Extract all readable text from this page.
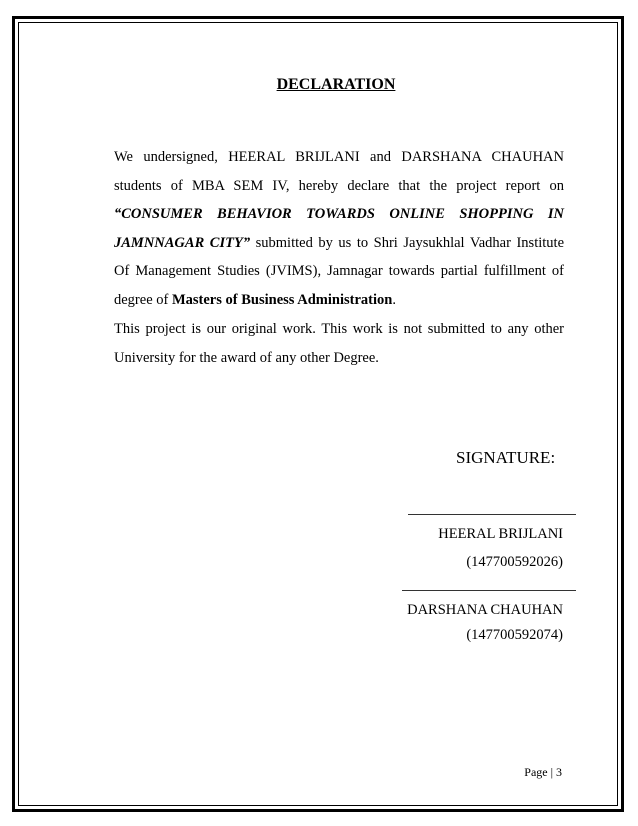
DECLARATION

We undersigned, HEERAL BRIJLANI and DARSHANA CHAUHAN students of MBA SEM IV, hereby declare that the project report on “CONSUMER BEHAVIOR TOWARDS ONLINE SHOPPING IN JAMNNAGAR CITY” submitted by us to Shri Jaysukhlal Vadhar Institute Of Management Studies (JVIMS), Jamnagar towards partial fulfillment of degree of Masters of Business Administration.

This project is our original work. This work is not submitted to any other University for the award of any other Degree.

SIGNATURE:
HEERAL BRIJLANI
(147700592026)
DARSHANA CHAUHAN
(147700592074)
Page | 3
